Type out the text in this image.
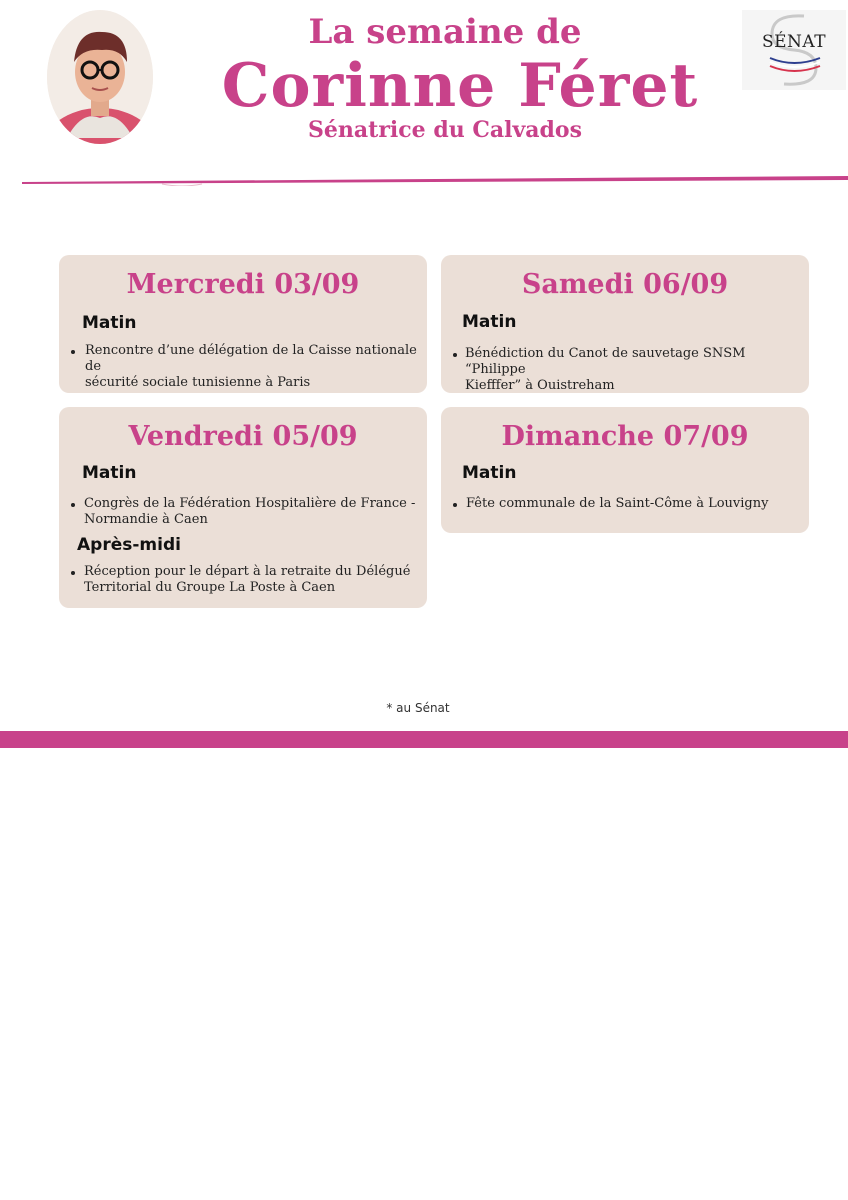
La semaine de
Corinne Féret
Sénatrice du Calvados
SÉNAT
Mercredi 03/09
Matin
Rencontre d’une délégation de la Caisse nationale de
sécurité sociale tunisienne à Paris
Samedi 06/09
Matin
Bénédiction du Canot de sauvetage SNSM “Philippe
Kiefffer” à Ouistreham
Vendredi 05/09
Matin
Congrès de la Fédération Hospitalière de France -
Normandie à Caen
Après-midi
Réception pour le départ à la retraite du Délégué
Territorial du Groupe La Poste à Caen
Dimanche 07/09
Matin
Fête communale de la Saint-Côme à Louvigny
* au Sénat
